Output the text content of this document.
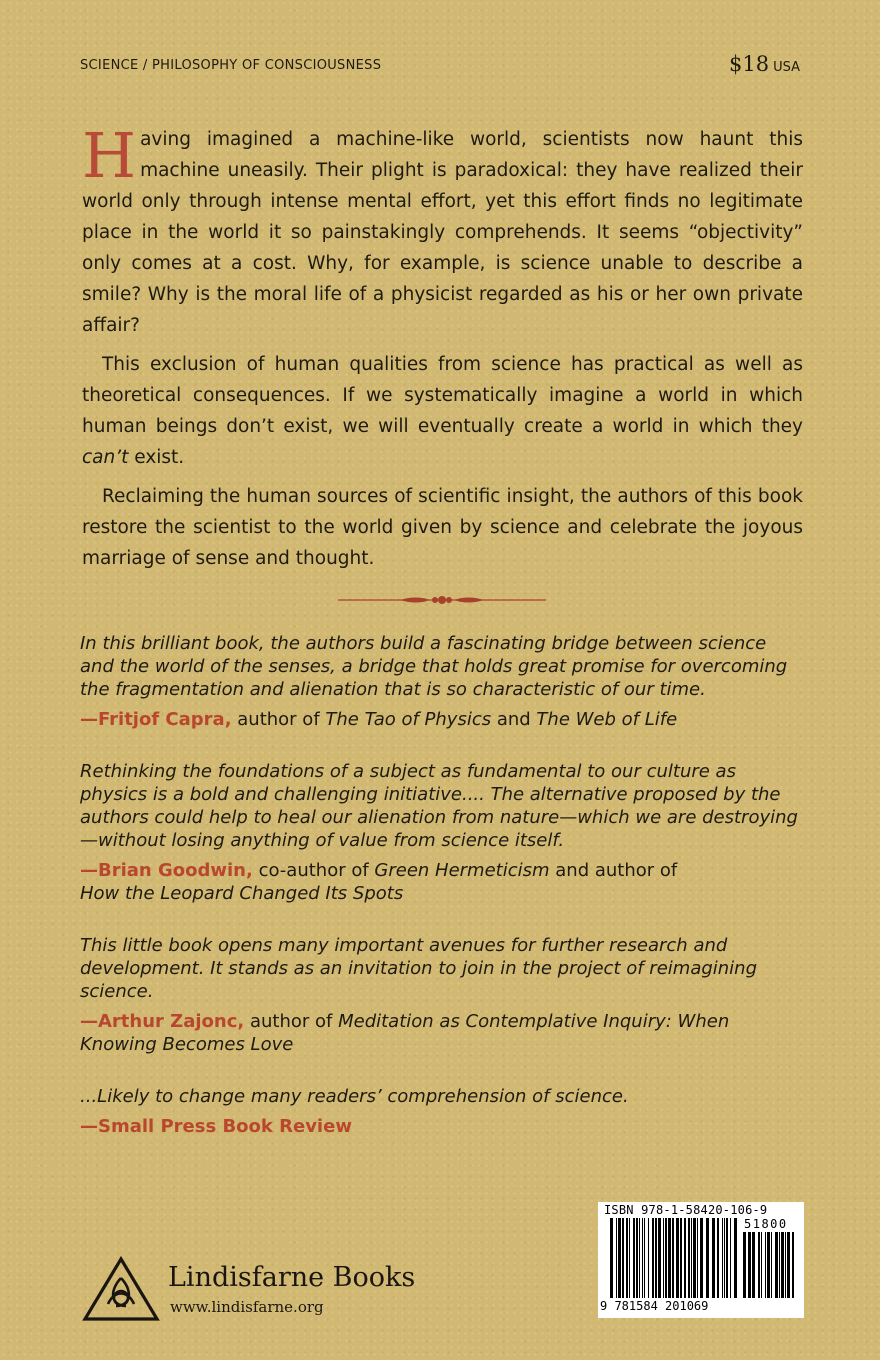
SCIENCE / PHILOSOPHY OF CONSCIOUSNESS	$18 USA

Having imagined a machine-like world, scientists now haunt this machine uneasily. Their plight is paradoxical: they have realized their world only through intense mental effort, yet this effort finds no legitimate place in the world it so painstakingly comprehends. It seems “objectivity” only comes at a cost. Why, for example, is science unable to describe a smile? Why is the moral life of a physicist regarded as his or her own private affair?

This exclusion of human qualities from science has practical as well as theoretical consequences. If we systematically imagine a world in which human beings don’t exist, we will eventually create a world in which they can’t exist.

Reclaiming the human sources of scientific insight, the authors of this book restore the scientist to the world given by science and celebrate the joyous marriage of sense and thought.

In this brilliant book, the authors build a fascinating bridge between science and the world of the senses, a bridge that holds great promise for overcoming the fragmentation and alienation that is so characteristic of our time.

—Fritjof Capra, author of The Tao of Physics and The Web of Life

Rethinking the foundations of a subject as fundamental to our culture as physics is a bold and challenging initiative.... The alternative proposed by the authors could help to heal our alienation from nature—which we are destroying—without losing anything of value from science itself.

—Brian Goodwin, co-author of Green Hermeticism and author of
How the Leopard Changed Its Spots

This little book opens many important avenues for further research and development. It stands as an invitation to join in the project of reimagining science.

—Arthur Zajonc, author of Meditation as Contemplative Inquiry: When Knowing Becomes Love

...Likely to change many readers’ comprehension of science.

—Small Press Book Review

Lindisfarne Books
www.lindisfarne.org
ISBN 978-1-58420-106-9
51800
9 781584 201069
